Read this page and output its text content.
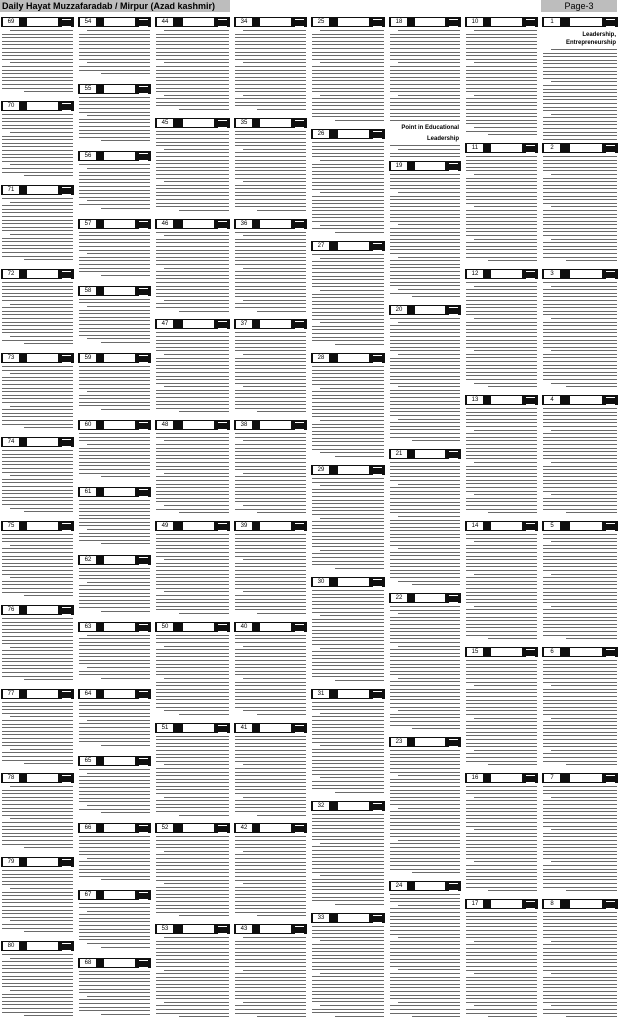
Daily Hayat Muzzafaradab / Mirpur (Azad kashmir)	Page-3
69
70
71
72
73
74
75
76
77
78
79
80
54
55
56
57
58
59
60
61
62
63
64
65
66
67
68
44
45
46
47
48
49
50
51
52
53
34
35
36
37
38
39
40
41
42
43
25
26
27
28
29
30
31
32
33
18
Point in Educational
Leadership
19
20
21
22
23
24
10
11
12
13
14
15
16
17
1
Leadership, Entrepreneurship
2
3
4
5
6
7
8
